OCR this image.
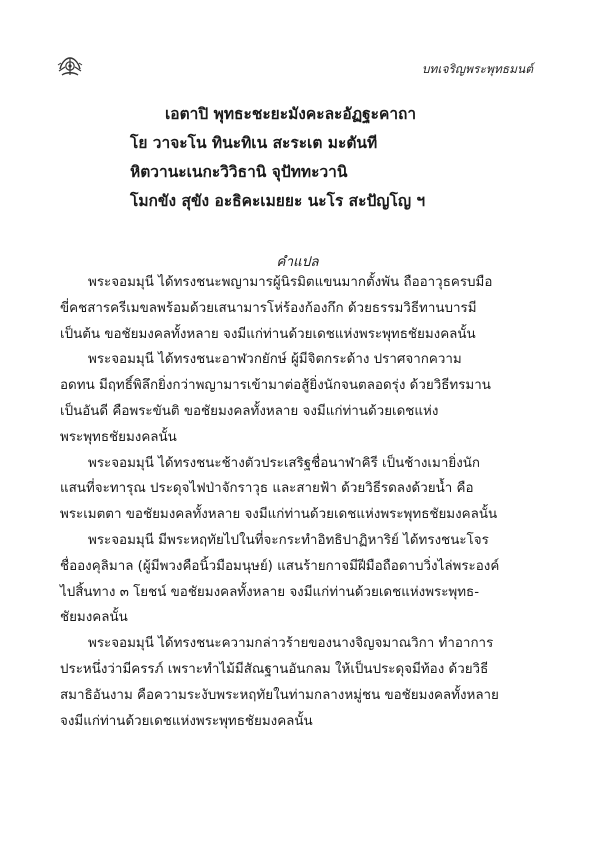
บทเจริญพระพุทธมนต์
เอตาปิ พุทธะชะยะมังคะละอัฏฐะคาถา
โย วาจะโน ทินะทิเน สะระเต มะตันที
หิตวานะเนกะวิวิธานิ จุปัททะวานิ
โมกขัง สุขัง อะธิคะเมยยะ นะโร สะปัญโญ ฯ
คำแปล
พระจอมมุนี ได้ทรงชนะพญามารผู้นิรมิตแขนมากตั้งพัน ถืออาวุธครบมือ
ขี่คชสารครีเมขลพร้อมด้วยเสนามารโห่ร้องก้องกึก ด้วยธรรมวิธีทานบารมี
เป็นต้น ขอชัยมงคลทั้งหลาย จงมีแก่ท่านด้วยเดชแห่งพระพุทธชัยมงคลนั้น
พระจอมมุนี ได้ทรงชนะอาฬวกยักษ์ ผู้มีจิตกระด้าง ปราศจากความ
อดทน มีฤทธิ์พิลึกยิ่งกว่าพญามารเข้ามาต่อสู้ยิ่งนักจนตลอดรุ่ง ด้วยวิธีทรมาน
เป็นอันดี คือพระขันติ ขอชัยมงคลทั้งหลาย จงมีแก่ท่านด้วยเดชแห่ง
พระพุทธชัยมงคลนั้น
พระจอมมุนี ได้ทรงชนะช้างตัวประเสริฐชื่อนาฬาคิรี เป็นช้างเมายิ่งนัก
แสนที่จะทารุณ ประดุจไฟป่าจักราวุธ และสายฟ้า ด้วยวิธีรดลงด้วยน้ำ คือ
พระเมตตา ขอชัยมงคลทั้งหลาย จงมีแก่ท่านด้วยเดชแห่งพระพุทธชัยมงคลนั้น
พระจอมมุนี มีพระหฤทัยไปในที่จะกระทำอิทธิปาฏิหาริย์ ได้ทรงชนะโจร
ชื่อองคุลิมาล (ผู้มีพวงคือนิ้วมือมนุษย์) แสนร้ายกาจมีฝีมือถือดาบวิ่งไล่พระองค์
ไปสิ้นทาง ๓ โยชน์ ขอชัยมงคลทั้งหลาย จงมีแก่ท่านด้วยเดชแห่งพระพุทธ-
ชัยมงคลนั้น
พระจอมมุนี ได้ทรงชนะความกล่าวร้ายของนางจิญจมาณวิกา ทำอาการ
ประหนึ่งว่ามีครรภ์ เพราะทำไม้มีสัณฐานอันกลม ให้เป็นประดุจมีท้อง ด้วยวิธี
สมาธิอันงาม คือความระงับพระหฤทัยในท่ามกลางหมู่ชน ขอชัยมงคลทั้งหลาย
จงมีแก่ท่านด้วยเดชแห่งพระพุทธชัยมงคลนั้น
